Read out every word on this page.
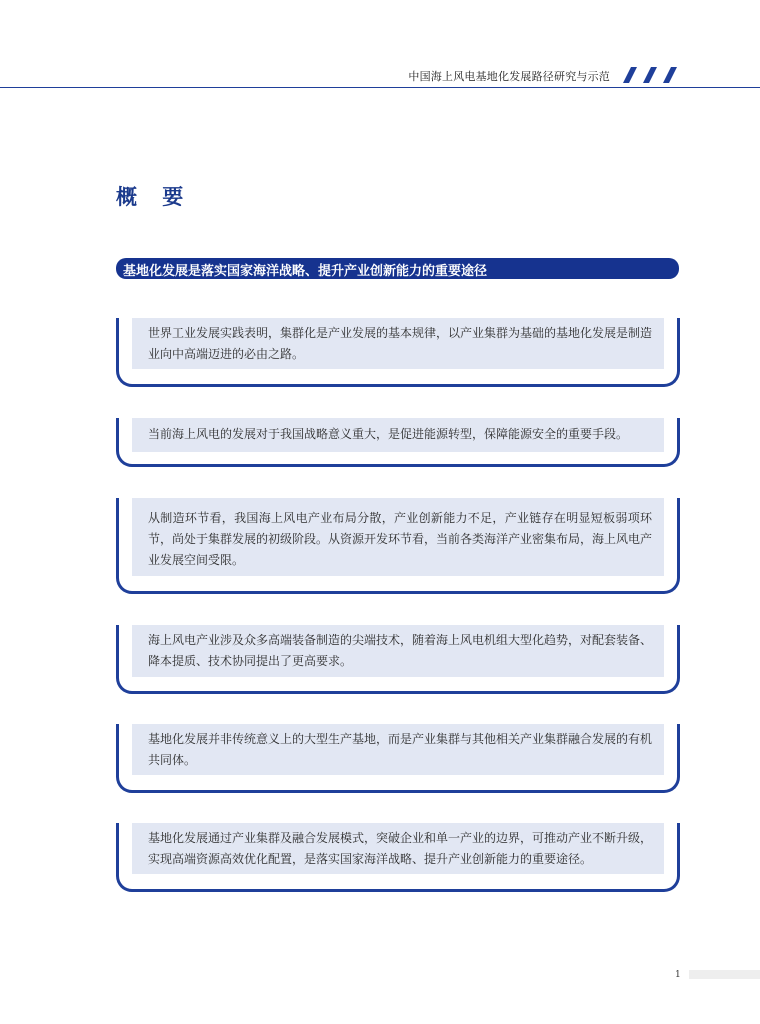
中国海上风电基地化发展路径研究与示范
概 要
基地化发展是落实国家海洋战略、提升产业创新能力的重要途径
世界工业发展实践表明，集群化是产业发展的基本规律，以产业集群为基础的基地化发展是制造业向中高端迈进的必由之路。
当前海上风电的发展对于我国战略意义重大，是促进能源转型，保障能源安全的重要手段。
从制造环节看，我国海上风电产业布局分散，产业创新能力不足，产业链存在明显短板弱项环节，尚处于集群发展的初级阶段。从资源开发环节看，当前各类海洋产业密集布局，海上风电产业发展空间受限。
海上风电产业涉及众多高端装备制造的尖端技术，随着海上风电机组大型化趋势，对配套装备、降本提质、技术协同提出了更高要求。
基地化发展并非传统意义上的大型生产基地，而是产业集群与其他相关产业集群融合发展的有机共同体。
基地化发展通过产业集群及融合发展模式，突破企业和单一产业的边界，可推动产业不断升级，实现高端资源高效优化配置，是落实国家海洋战略、提升产业创新能力的重要途径。
1
